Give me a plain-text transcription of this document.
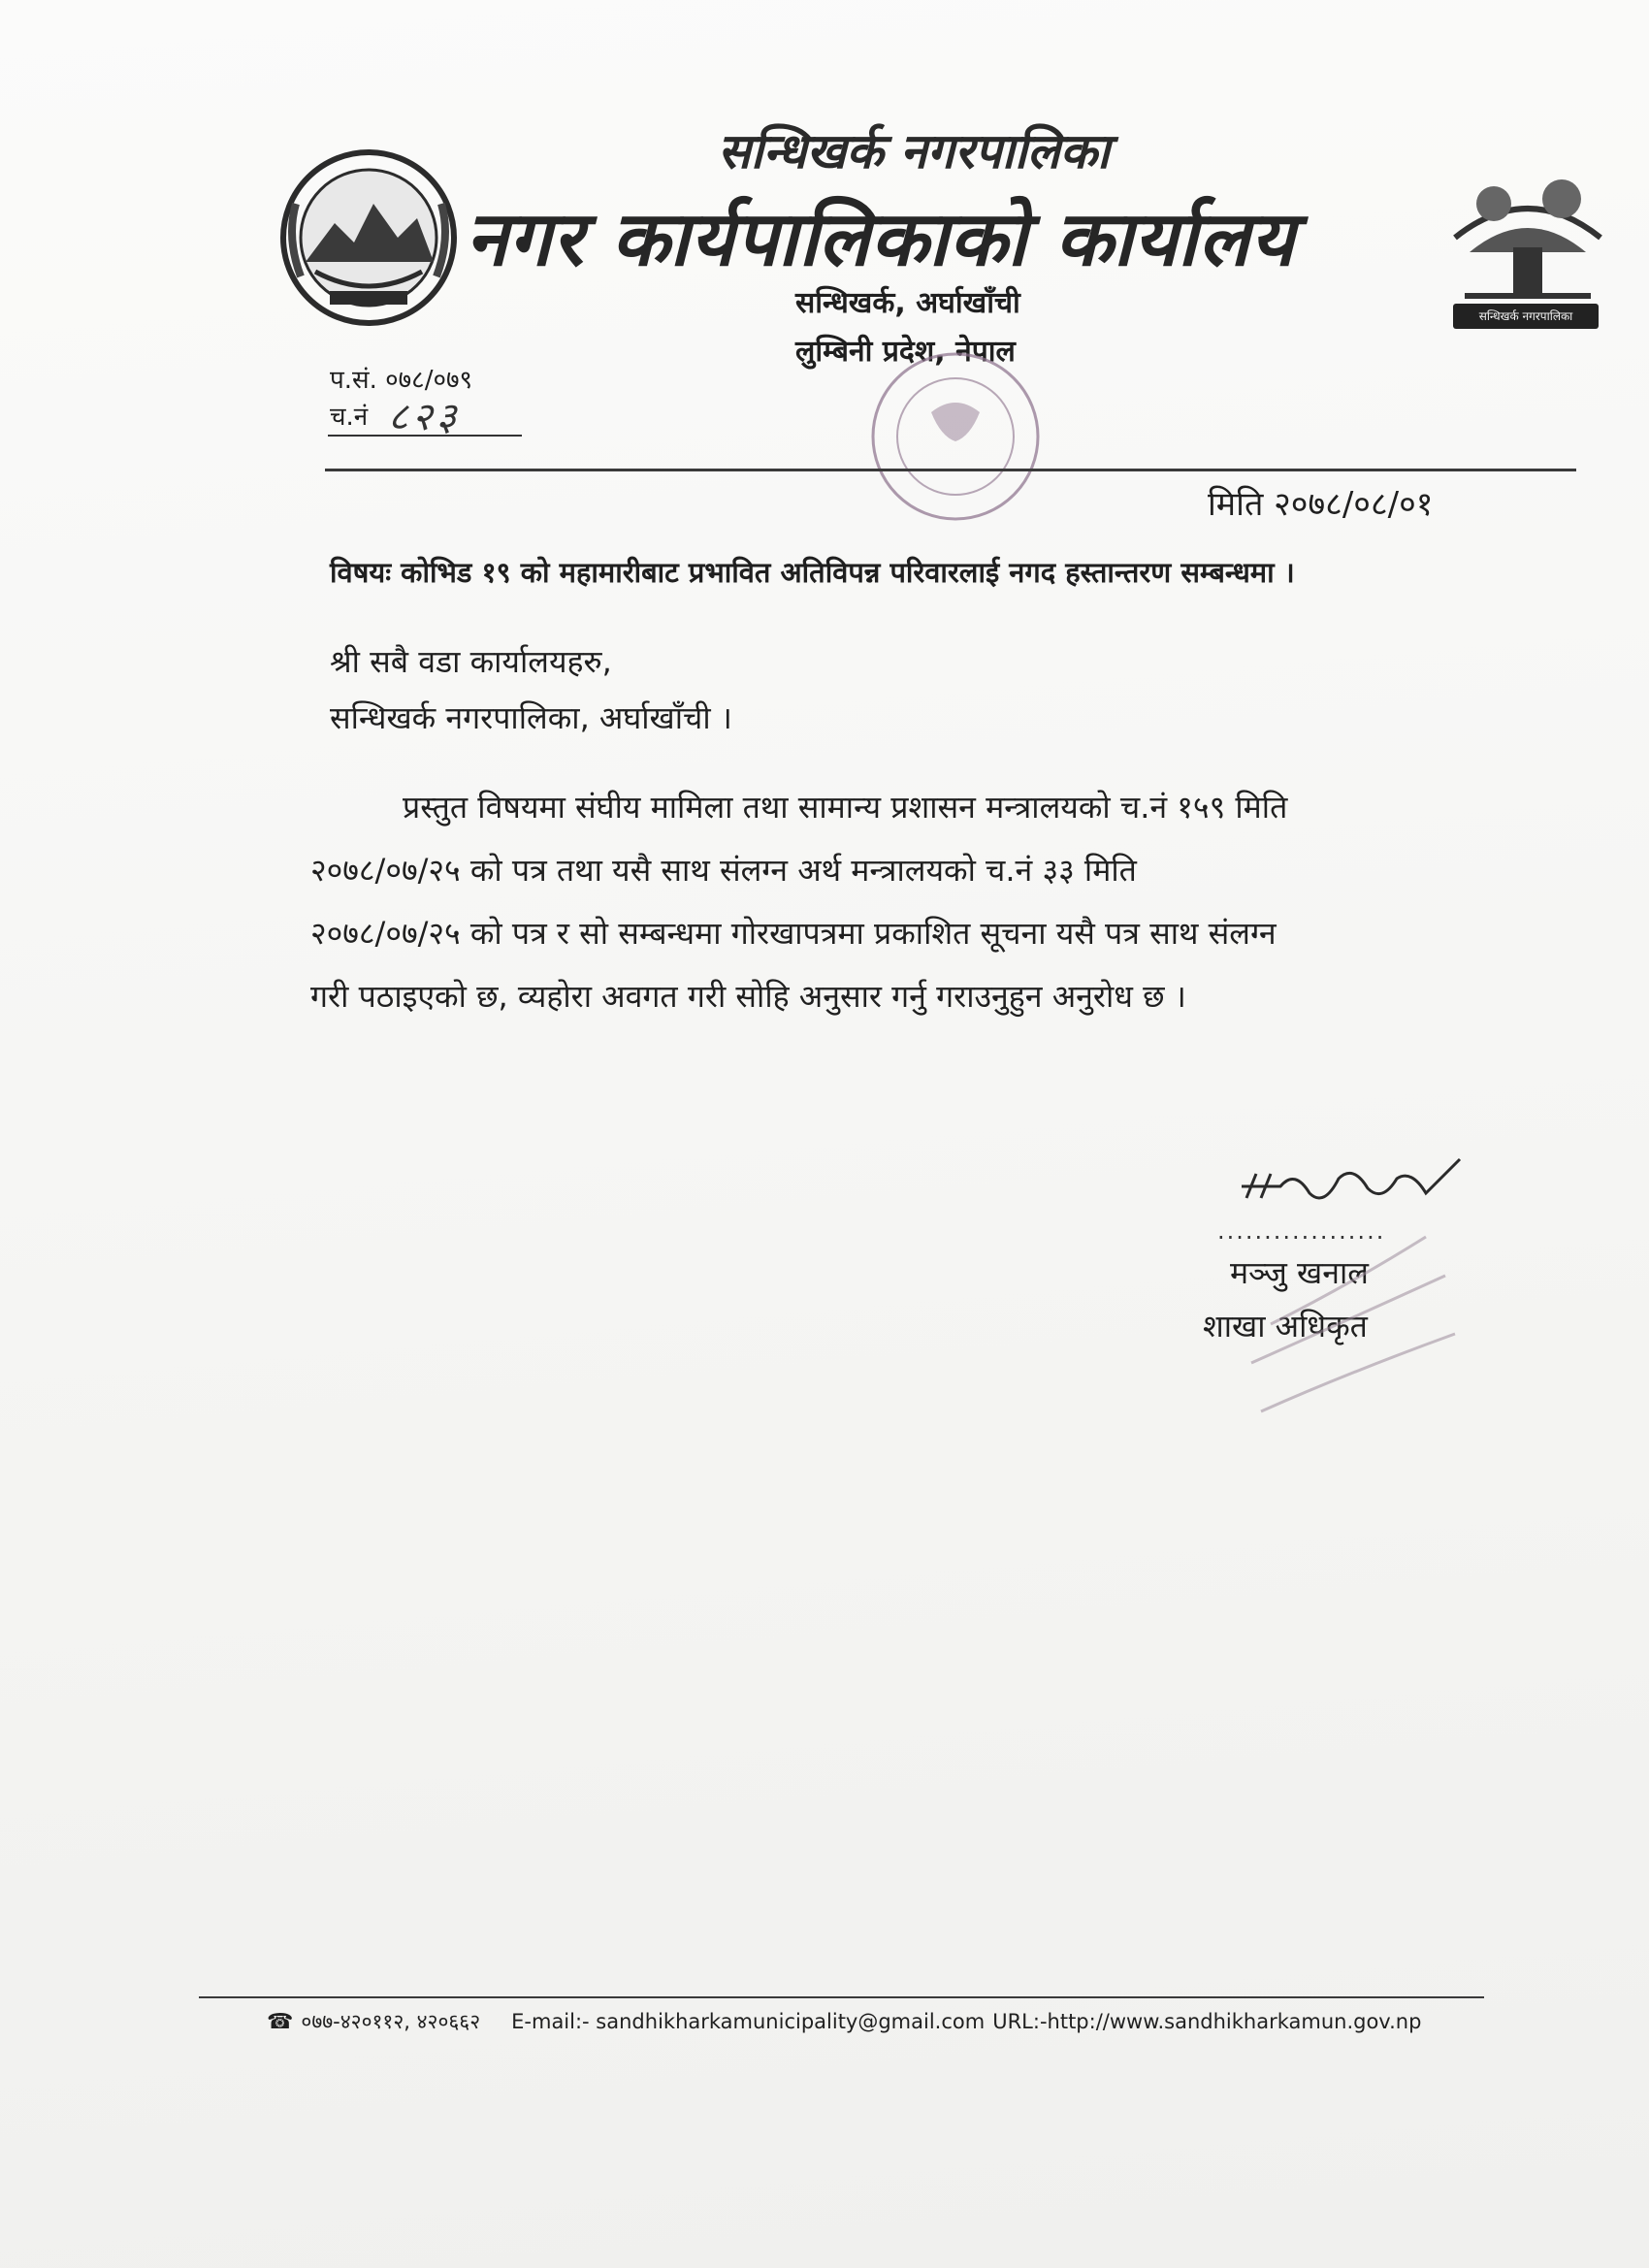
सन्धिखर्क नगरपालिका
सन्धिखर्क नगरपालिका
नगर कार्यपालिकाको कार्यालय
सन्धिखर्क, अर्घाखाँची
लुम्बिनी प्रदेश, नेपाल
प.सं. ०७८/०७९
च.नं ८२३
मिति २०७८/०८/०१
विषयः कोभिड १९ को महामारीबाट प्रभावित अतिविपन्न परिवारलाई नगद हस्तान्तरण सम्बन्धमा ।
श्री सबै वडा कार्यालयहरु,
सन्धिखर्क नगरपालिका, अर्घाखाँची ।
प्रस्तुत विषयमा संघीय मामिला तथा सामान्य प्रशासन मन्त्रालयको च.नं १५९ मिति
२०७८/०७/२५ को पत्र तथा यसै साथ संलग्न अर्थ मन्त्रालयको च.नं ३३ मिति
२०७८/०७/२५ को पत्र र सो सम्बन्धमा गोरखापत्रमा प्रकाशित सूचना यसै पत्र साथ संलग्न
गरी पठाइएको छ, व्यहोरा अवगत गरी सोहि अनुसार गर्नु गराउनुहुन अनुरोध छ ।
..................
मञ्जु खनाल
शाखा अधिकृत
☎ ०७७-४२०११२, ४२०६६२ E-mail:- sandhikharkamunicipality@gmail.com URL:-http://www.sandhikharkamun.gov.np
